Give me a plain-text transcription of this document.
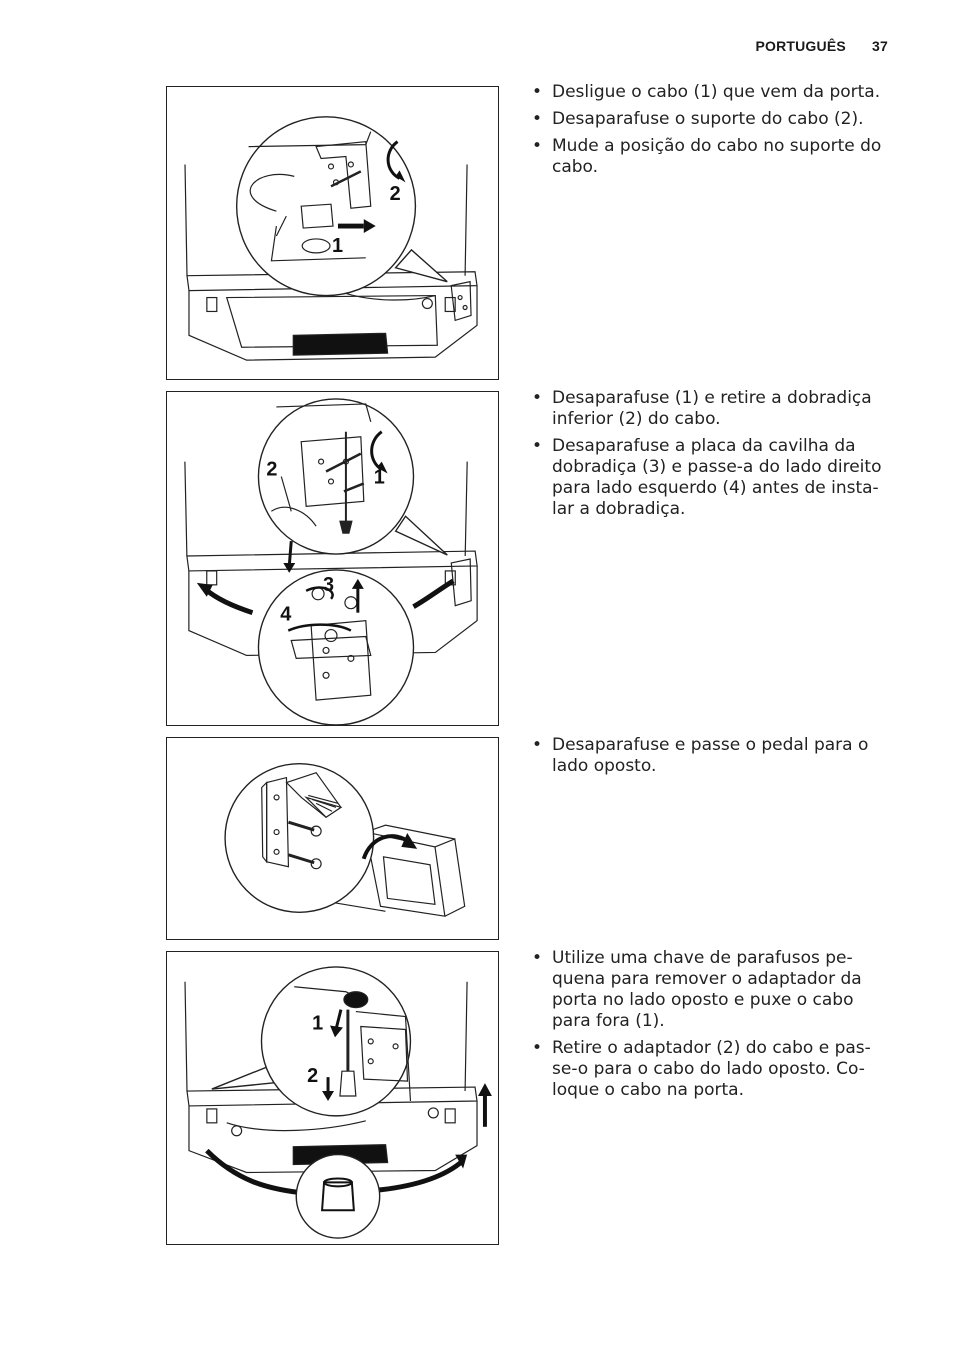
PORTUGUÊS 37
2
1
• Desligue o cabo (1) que vem da porta.
• Desaparafuse o suporte do cabo (2).
• Mude a posição do cabo no suporte do cabo.
2	1
3
4
• Desaparafuse (1) e retire a dobradiça inferior (2) do cabo.
• Desaparafuse a placa da cavilha da dobradiça (3) e passe-a do lado direito para lado esquerdo (4) antes de insta-lar a dobradiça.
• Desaparafuse e passe o pedal para o lado oposto.
1
2
• Utilize uma chave de parafusos pe-quena para remover o adaptador da porta no lado oposto e puxe o cabo para fora (1).
• Retire o adaptador (2) do cabo e pas-se-o para o cabo do lado oposto. Co-loque o cabo na porta.
